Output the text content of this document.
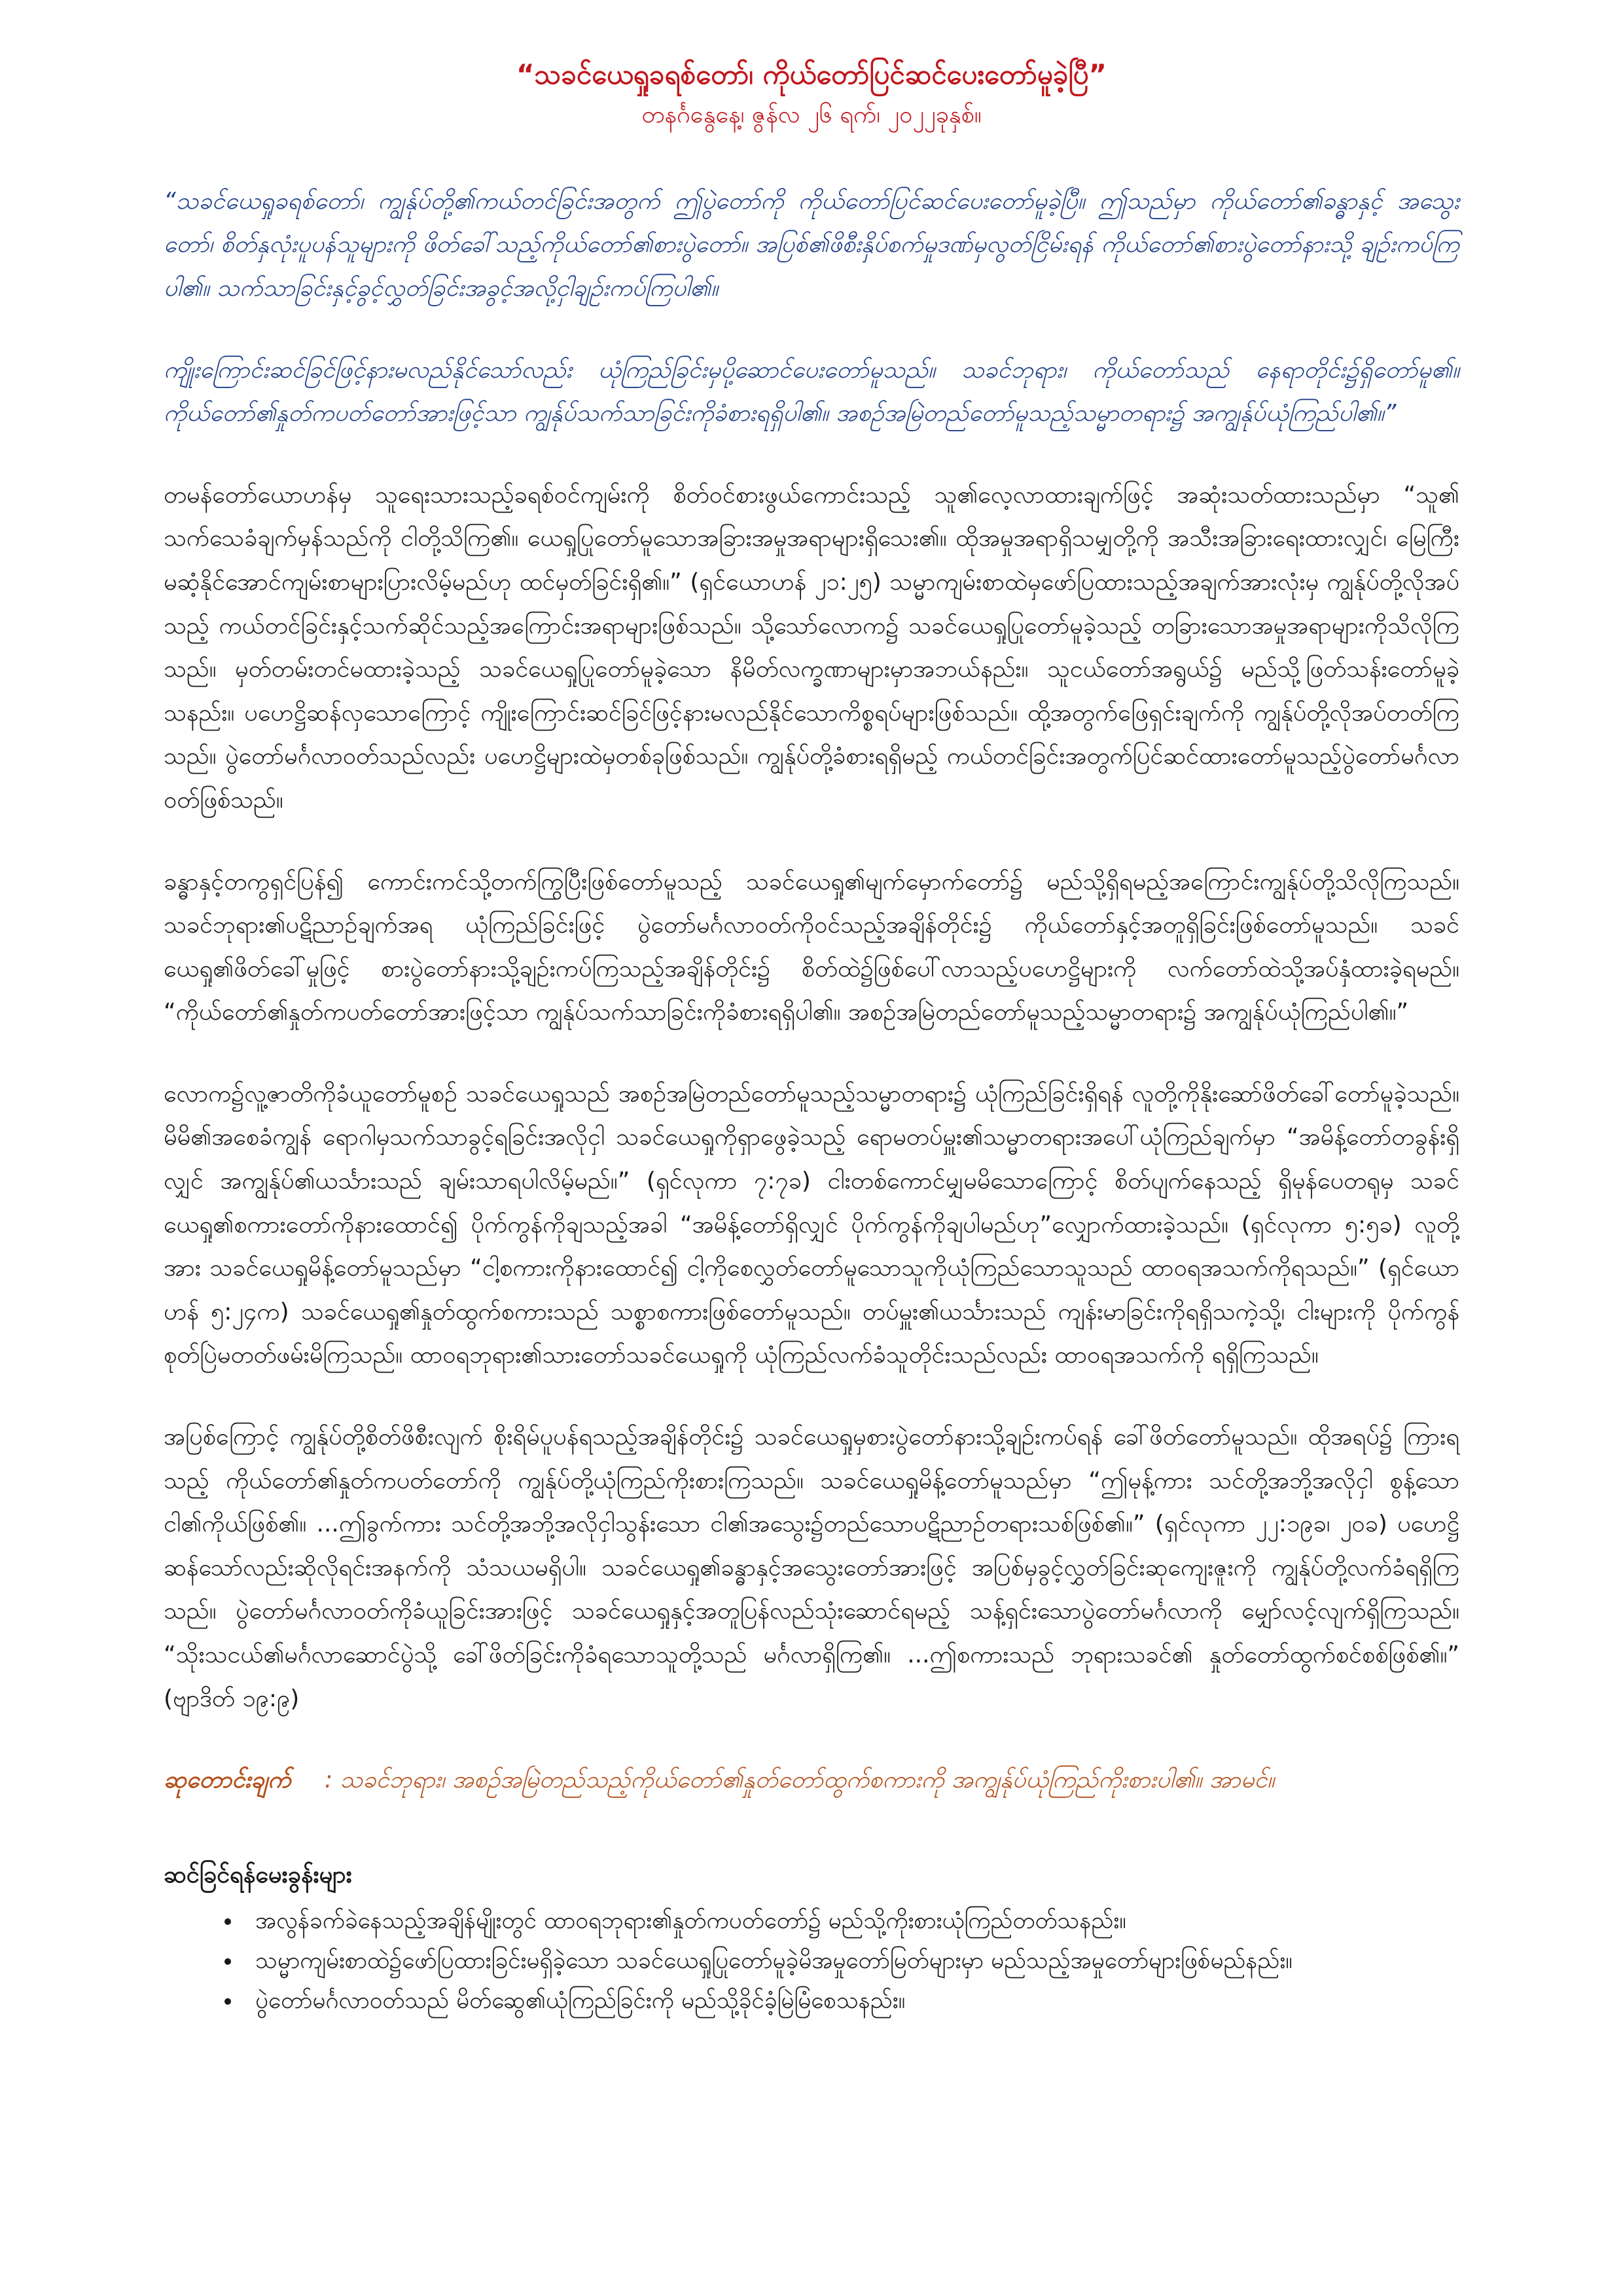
“သခင်ယေရှုခရစ်တော်၊ ကိုယ်တော်ပြင်ဆင်ပေးတော်မူခဲ့ပြီ”

တနင်္ဂနွေနေ့၊ ဇွန်လ ၂၆ ရက်၊ ၂၀၂၂ခုနှစ်။

“သခင်ယေရှုခရစ်တော်၊ ကျွန်ုပ်တို့၏ကယ်တင်ခြင်းအတွက် ဤပွဲတော်ကို ကိုယ်တော်ပြင်ဆင်ပေးတော်မူခဲ့ပြီ။ ဤသည်မှာ ကိုယ်တော်၏ခန္ဓာနှင့် အသွေးတော်၊ စိတ်နှလုံးပူပန်သူများကို ဖိတ်ခေါ်သည့်ကိုယ်တော်၏စားပွဲတော်။ အပြစ်၏ဖိစီးနှိပ်စက်မှုဒဏ်မှလွတ်ငြိမ်းရန် ကိုယ်တော်၏စားပွဲတော်နားသို့ ချဉ်းကပ်ကြပါ၏။ သက်သာခြင်းနှင့်ခွင့်လွှတ်ခြင်းအခွင့်အလို့ငှါချဉ်းကပ်ကြပါ၏။

ကျိုးကြောင်းဆင်ခြင်ဖြင့်နားမလည်နိုင်သော်လည်း ယုံကြည်ခြင်းမှပို့ဆောင်ပေးတော်မူသည်။ သခင်ဘုရား၊ ကိုယ်တော်သည် နေရာတိုင်း၌ရှိတော်မူ၏။ ကိုယ်တော်၏နှုတ်ကပတ်တော်အားဖြင့်သာ ကျွန်ုပ်သက်သာခြင်းကိုခံစားရရှိပါ၏။ အစဉ်အမြဲတည်တော်မူသည့်သမ္မာတရား၌ အကျွန်ုပ်ယုံကြည်ပါ၏။”

တမန်တော်ယောဟန်မှ သူရေးသားသည့်ခရစ်ဝင်ကျမ်းကို စိတ်ဝင်စားဖွယ်ကောင်းသည့် သူ၏လေ့လာထားချက်ဖြင့် အဆုံးသတ်ထားသည်မှာ “သူ၏ သက်သေခံချက်မှန်သည်ကို ငါတို့သိကြ၏။ ယေရှုပြုတော်မူသောအခြားအမှုအရာများရှိသေး၏။ ထိုအမှုအရာရှိသမျှတို့ကို အသီးအခြားရေးထားလျှင်၊ မြေကြီးမဆံ့နိုင်အောင်ကျမ်းစာများပြားလိမ့်မည်ဟု ထင်မှတ်ခြင်းရှိ၏။” (ရှင်ယောဟန် ၂၁:၂၅) သမ္မာကျမ်းစာထဲမှဖော်ပြထားသည့်အချက်အားလုံးမှ ကျွန်ုပ်တို့လိုအပ်သည့် ကယ်တင်ခြင်းနှင့်သက်ဆိုင်သည့်အကြောင်းအရာများဖြစ်သည်။ သို့သော်လောက၌ သခင်ယေရှုပြုတော်မူခဲ့သည့် တခြားသောအမှုအရာများကိုသိလိုကြသည်။ မှတ်တမ်းတင်မထားခဲ့သည့် သခင်ယေရှုပြုတော်မူခဲ့သော နိမိတ်လက္ခဏာများမှာအဘယ်နည်း။ သူငယ်တော်အရွယ်၌ မည်သို့ဖြတ်သန်းတော်မူခဲ့သနည်း။ ပဟေဋ္ဌိဆန်လှသောကြောင့် ကျိုးကြောင်းဆင်ခြင်ဖြင့်နားမလည်နိုင်သောကိစ္စရပ်များဖြစ်သည်။ ထို့အတွက်ဖြေရှင်းချက်ကို ကျွန်ုပ်တို့လိုအပ်တတ်ကြသည်။ ပွဲတော်မင်္ဂလာဝတ်သည်လည်း ပဟေဋ္ဌိများထဲမှတစ်ခုဖြစ်သည်။ ကျွန်ုပ်တို့ခံစားရရှိမည့် ကယ်တင်ခြင်းအတွက်ပြင်ဆင်ထားတော်မူသည့်ပွဲတော်မင်္ဂလာဝတ်ဖြစ်သည်။

ခန္ဓာနှင့်တကွရှင်ပြန်၍ ကောင်းကင်သို့တက်ကြွပြီးဖြစ်တော်မူသည့် သခင်ယေရှု၏မျက်မှောက်တော်၌ မည်သို့ရှိရမည့်အကြောင်းကျွန်ုပ်တို့သိလိုကြသည်။ သခင်ဘုရား၏ပဋိညာဉ်ချက်အရ ယုံကြည်ခြင်းဖြင့် ပွဲတော်မင်္ဂလာဝတ်ကိုဝင်သည့်အချိန်တိုင်း၌ ကိုယ်တော်နှင့်အတူရှိခြင်းဖြစ်တော်မူသည်။ သခင်ယေရှု၏ဖိတ်ခေါ်မှုဖြင့် စားပွဲတော်နားသို့ချဉ်းကပ်ကြသည့်အချိန်တိုင်း၌ စိတ်ထဲ၌ဖြစ်ပေါ်လာသည့်ပဟေဋ္ဌိများကို လက်တော်ထဲသို့အပ်နှံထားခဲ့ရမည်။ “ကိုယ်တော်၏နှုတ်ကပတ်တော်အားဖြင့်သာ ကျွန်ုပ်သက်သာခြင်းကိုခံစားရရှိပါ၏။ အစဉ်အမြဲတည်တော်မူသည့်သမ္မာတရား၌ အကျွန်ုပ်ယုံကြည်ပါ၏။”

လောက၌လူ့ဇာတိကိုခံယူတော်မူစဉ် သခင်ယေရှုသည် အစဉ်အမြဲတည်တော်မူသည့်သမ္မာတရား၌ ယုံကြည်ခြင်းရှိရန် လူတို့ကိုနိုးဆော်ဖိတ်ခေါ်တော်မူခဲ့သည်။ မိမိ၏အစေခံကျွန် ရောဂါမှသက်သာခွင့်ရခြင်းအလိုငှါ သခင်ယေရှုကိုရှာဖွေခဲ့သည့် ရောမတပ်မှူး၏သမ္မာတရားအပေါ်ယုံကြည်ချက်မှာ “အမိန့်တော်တခွန်းရှိလျှင် အကျွန်ုပ်၏ယင်္သားသည် ချမ်းသာရပါလိမ့်မည်။” (ရှင်လုကာ ၇:၇ခ) ငါးတစ်ကောင်မျှမမိသောကြောင့် စိတ်ပျက်နေသည့် ရှိမုန်ပေတရုမှ သခင်ယေရှု၏စကားတော်ကိုနားထောင်၍ ပိုက်ကွန်ကိုချသည့်အခါ “အမိန့်တော်ရှိလျှင် ပိုက်ကွန်ကိုချပါမည်ဟု”လျှောက်ထားခဲ့သည်။ (ရှင်လုကာ ၅:၅ခ) လူတို့အား သခင်ယေရှုမိန့်တော်မူသည်မှာ “ငါ့စကားကိုနားထောင်၍ ငါ့ကိုစေလွှတ်တော်မူသောသူကိုယုံကြည်သောသူသည် ထာဝရအသက်ကိုရသည်။” (ရှင်ယောဟန် ၅:၂၄က) သခင်ယေရှု၏နှုတ်ထွက်စကားသည် သစ္စာစကားဖြစ်တော်မူသည်။ တပ်မှူး၏ယင်္သားသည် ကျန်းမာခြင်းကိုရရှိသကဲ့သို့၊ ငါးများကို ပိုက်ကွန်စုတ်ပြဲမတတ်ဖမ်းမိကြသည်။ ထာဝရဘုရား၏သားတော်သခင်ယေရှုကို ယုံကြည်လက်ခံသူတိုင်းသည်လည်း ထာဝရအသက်ကို ရရှိကြသည်။

အပြစ်ကြောင့် ကျွန်ုပ်တို့စိတ်ဖိစီးလျက် စိုးရိမ်ပူပန်ရသည့်အချိန်တိုင်း၌ သခင်ယေရှုမှစားပွဲတော်နားသို့ချဉ်းကပ်ရန် ခေါ်ဖိတ်တော်မူသည်။ ထိုအရပ်၌ ကြားရသည့် ကိုယ်တော်၏နှုတ်ကပတ်တော်ကို ကျွန်ုပ်တို့ယုံကြည်ကိုးစားကြသည်။ သခင်ယေရှုမိန့်တော်မူသည်မှာ “ဤမုန့်ကား သင်တို့အဘို့အလိုငှါ စွန့်သောငါ၏ကိုယ်ဖြစ်၏။ ...ဤခွက်ကား သင်တို့အဘို့အလိုငှါသွန်းသော ငါ၏အသွေး၌တည်သောပဋိညာဉ်တရားသစ်ဖြစ်၏။” (ရှင်လုကာ ၂၂:၁၉ခ၊ ၂၀ခ) ပဟေဋ္ဌိဆန်သော်လည်းဆိုလိုရင်းအနက်ကို သံသယမရှိပါ။ သခင်ယေရှု၏ခန္ဓာနှင့်အသွေးတော်အားဖြင့် အပြစ်မှခွင့်လွှတ်ခြင်းဆုကျေးဇူးကို ကျွန်ုပ်တို့လက်ခံရရှိကြသည်။ ပွဲတော်မင်္ဂလာဝတ်ကိုခံယူခြင်းအားဖြင့် သခင်ယေရှုနှင့်အတူပြန်လည်သုံးဆောင်ရမည့် သန့်ရှင်းသောပွဲတော်မင်္ဂလာကို မျှော်လင့်လျက်ရှိကြသည်။ “သိုးသငယ်၏မင်္ဂလာဆောင်ပွဲသို့ ခေါ်ဖိတ်ခြင်းကိုခံရသောသူတို့သည် မင်္ဂလာရှိကြ၏။ ...ဤစကားသည် ဘုရားသခင်၏ နှုတ်တော်ထွက်စင်စစ်ဖြစ်၏။” (ဗျာဒိတ် ၁၉:၉)

ဆုတောင်းချက် : သခင်ဘုရား၊ အစဉ်အမြဲတည်သည့်ကိုယ်တော်၏နှုတ်တော်ထွက်စကားကို အကျွန်ုပ်ယုံကြည်ကိုးစားပါ၏။ အာမင်။

ဆင်ခြင်ရန်မေးခွန်းများ

• အလွန်ခက်ခဲနေသည့်အချိန်မျိုးတွင် ထာဝရဘုရား၏နှုတ်ကပတ်တော်၌ မည်သို့ကိုးစားယုံကြည်တတ်သနည်း။
• သမ္မာကျမ်းစာထဲ၌ဖော်ပြထားခြင်းမရှိခဲ့သော သခင်ယေရှုပြုတော်မူခဲ့မိအမှုတော်မြတ်များမှာ မည်သည့်အမှုတော်များဖြစ်မည်နည်း။
• ပွဲတော်မင်္ဂလာဝတ်သည် မိတ်ဆွေ၏ယုံကြည်ခြင်းကို မည်သို့ခိုင်ခံ့မြဲမြံစေသနည်း။
